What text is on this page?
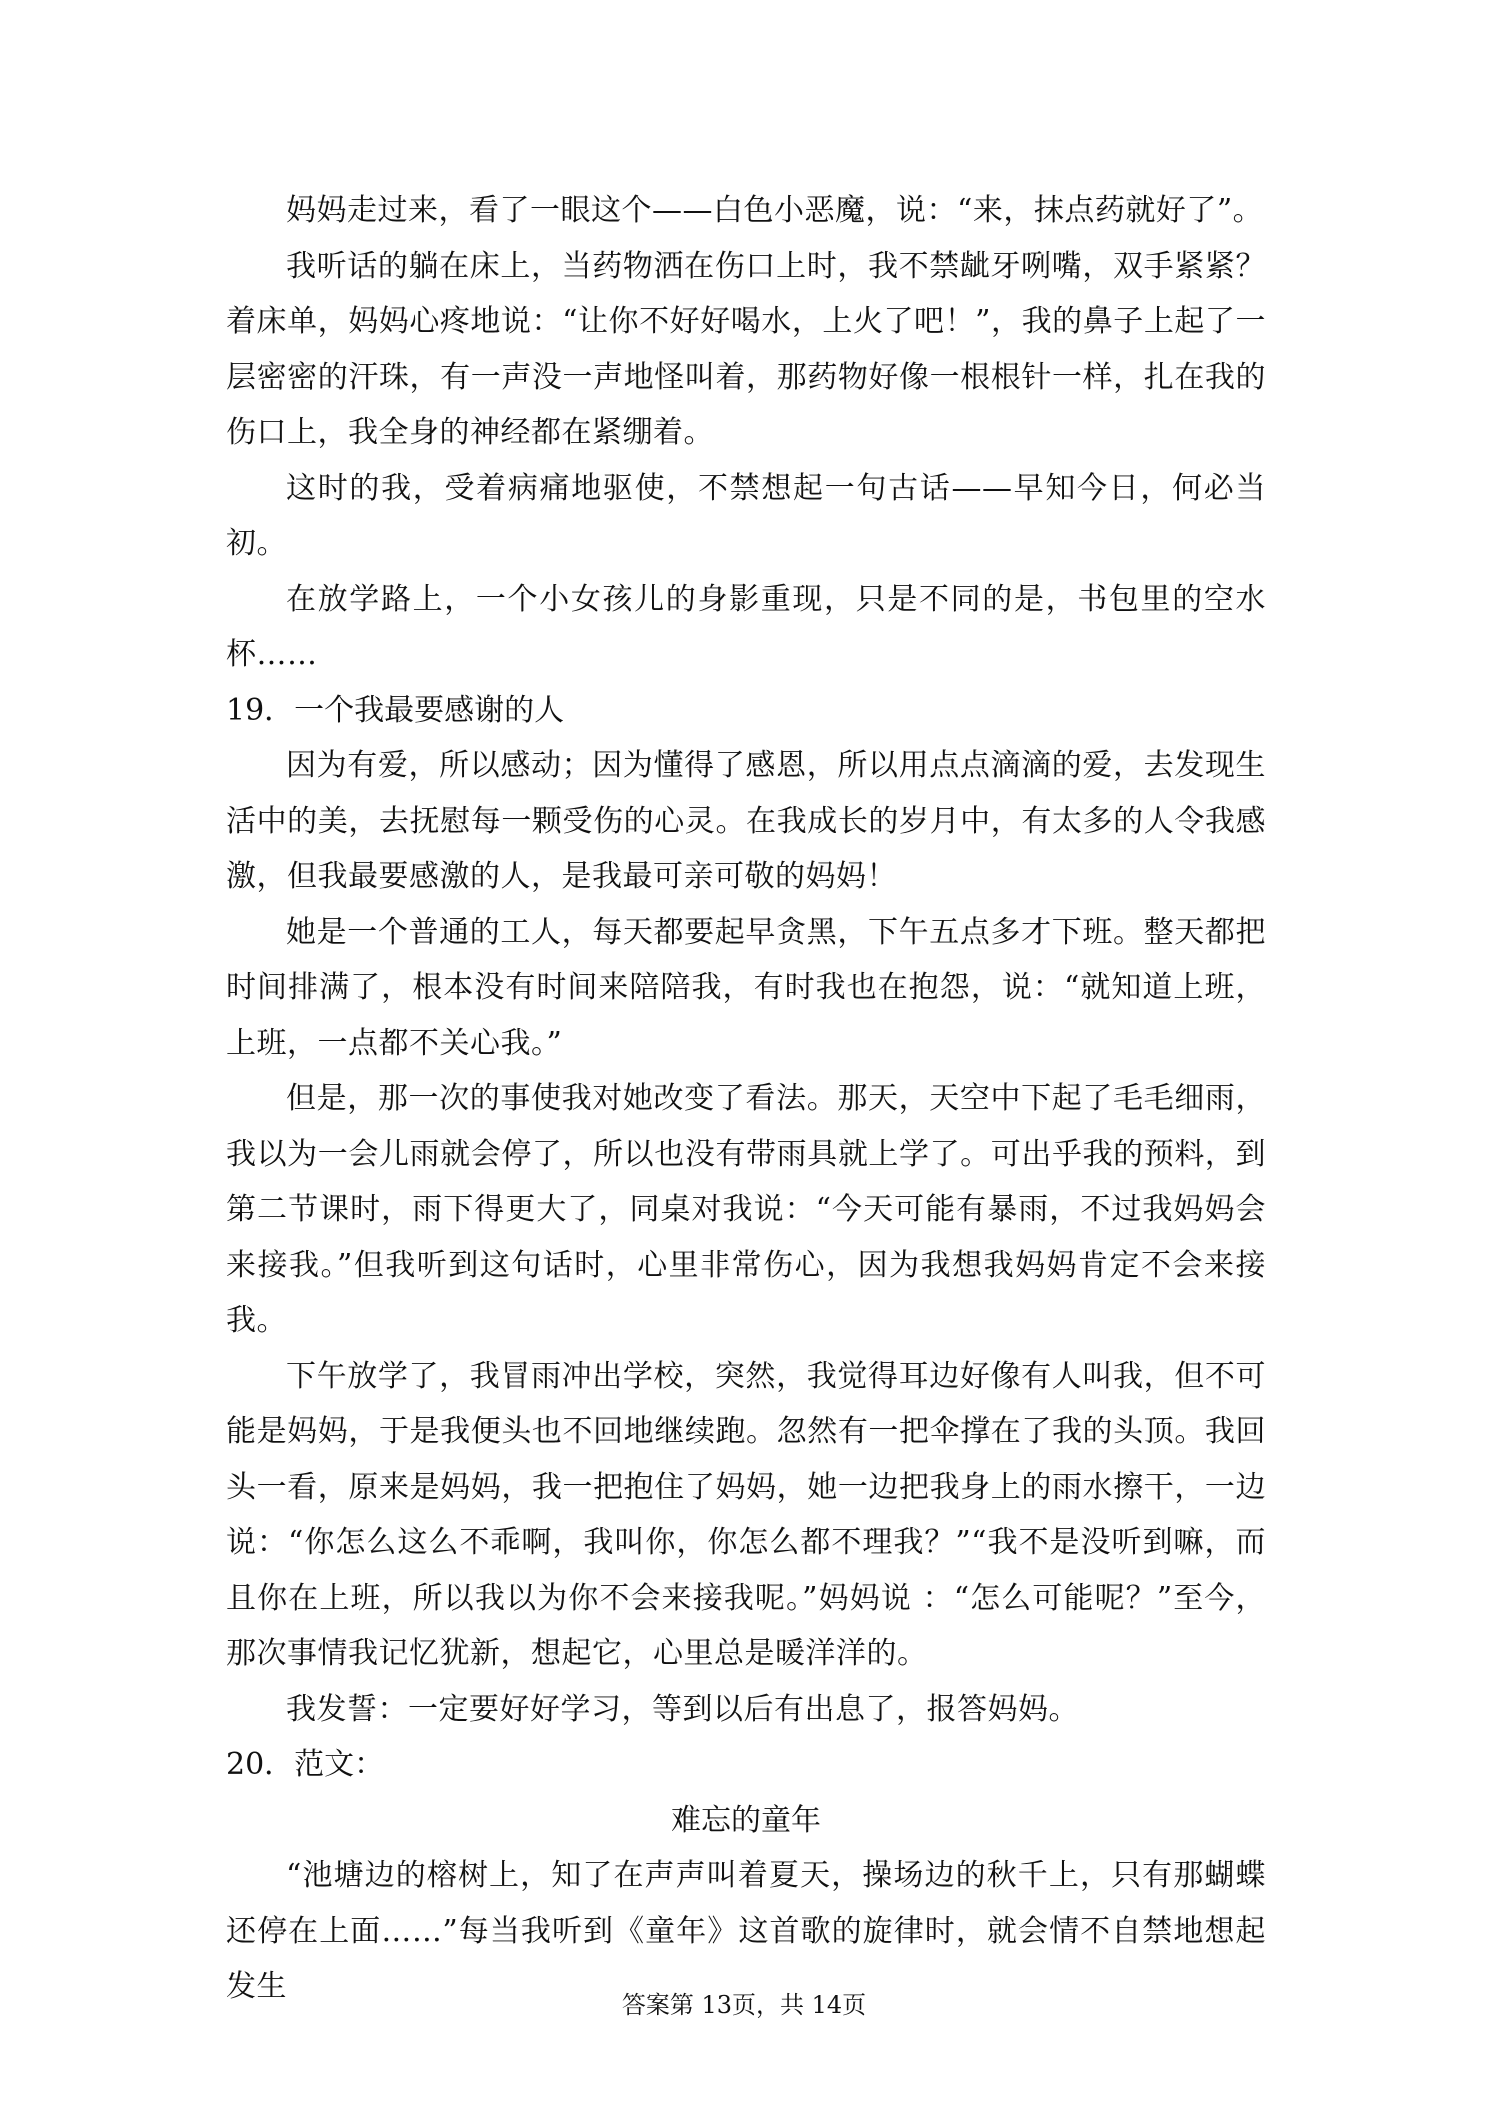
妈妈走过来，看了一眼这个——白色小恶魔，说：“来，抹点药就好了”。

我听话的躺在床上，当药物洒在伤口上时，我不禁龇牙咧嘴，双手紧紧？着床单，妈妈心疼地说：“让你不好好喝水，上火了吧！”，我的鼻子上起了一层密密的汗珠，有一声没一声地怪叫着，那药物好像一根根针一样，扎在我的伤口上，我全身的神经都在紧绷着。

这时的我，受着病痛地驱使，不禁想起一句古话——早知今日，何必当初。

在放学路上，一个小女孩儿的身影重现，只是不同的是，书包里的空水杯……

19．一个我最要感谢的人

因为有爱，所以感动；因为懂得了感恩，所以用点点滴滴的爱，去发现生活中的美，去抚慰每一颗受伤的心灵。在我成长的岁月中，有太多的人令我感激，但我最要感激的人，是我最可亲可敬的妈妈！

她是一个普通的工人，每天都要起早贪黑，下午五点多才下班。整天都把时间排满了，根本没有时间来陪陪我，有时我也在抱怨，说：“就知道上班，上班，一点都不关心我。”

但是，那一次的事使我对她改变了看法。那天，天空中下起了毛毛细雨，我以为一会儿雨就会停了，所以也没有带雨具就上学了。可出乎我的预料，到第二节课时，雨下得更大了，同桌对我说：“今天可能有暴雨，不过我妈妈会来接我。”但我听到这句话时，心里非常伤心，因为我想我妈妈肯定不会来接我。

下午放学了，我冒雨冲出学校，突然，我觉得耳边好像有人叫我，但不可能是妈妈，于是我便头也不回地继续跑。忽然有一把伞撑在了我的头顶。我回头一看，原来是妈妈，我一把抱住了妈妈，她一边把我身上的雨水擦干，一边说：“你怎么这么不乖啊，我叫你，你怎么都不理我？”“我不是没听到嘛，而且你在上班，所以我以为你不会来接我呢。”妈妈说 ：“怎么可能呢？”至今，那次事情我记忆犹新，想起它，心里总是暖洋洋的。

我发誓：一定要好好学习，等到以后有出息了，报答妈妈。

20．范文：

难忘的童年

“池塘边的榕树上，知了在声声叫着夏天，操场边的秋千上，只有那蝴蝶还停在上面……”每当我听到《童年》这首歌的旋律时，就会情不自禁地想起发生

答案第 13页，共 14页
